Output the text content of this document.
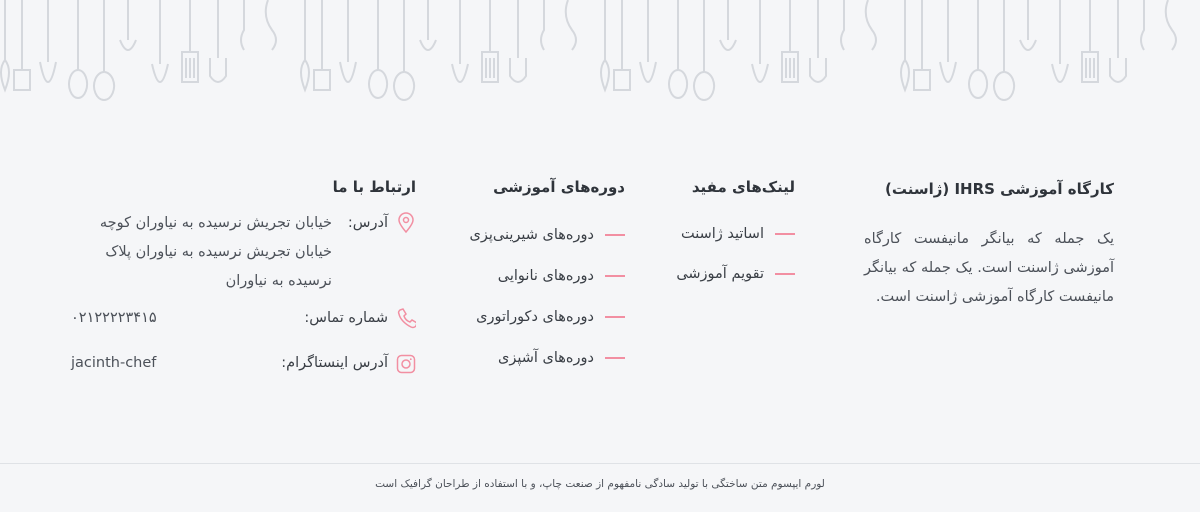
کارگاه آموزشی IHRS (ژاسنت)

یک جمله که بیانگر مانیفست کارگاه آموزشی ژاسنت است. یک جمله که بیانگر مانیفست کارگاه آموزشی ژاسنت است.

لینک‌های مفید
اساتید ژاسنت
تقویم آموزشی
دوره‌های آموزشی
دوره‌های شیرینی‌پزی
دوره‌های نانوایی
دوره‌های دکوراتوری
دوره‌های آشپزی
ارتباط با ما
آدرس:
خیابان تجریش نرسیده به نیاوران کوچه خیابان تجریش نرسیده به نیاوران پلاک نرسیده به نیاوران
شماره تماس:
۰۲۱۲۲۲۲۳۴۱۵
آدرس اینستاگرام:
jacinth-chef
لورم ایپسوم متن ساختگی با تولید سادگی نامفهوم از صنعت چاپ، و با استفاده از طراحان گرافیک است
